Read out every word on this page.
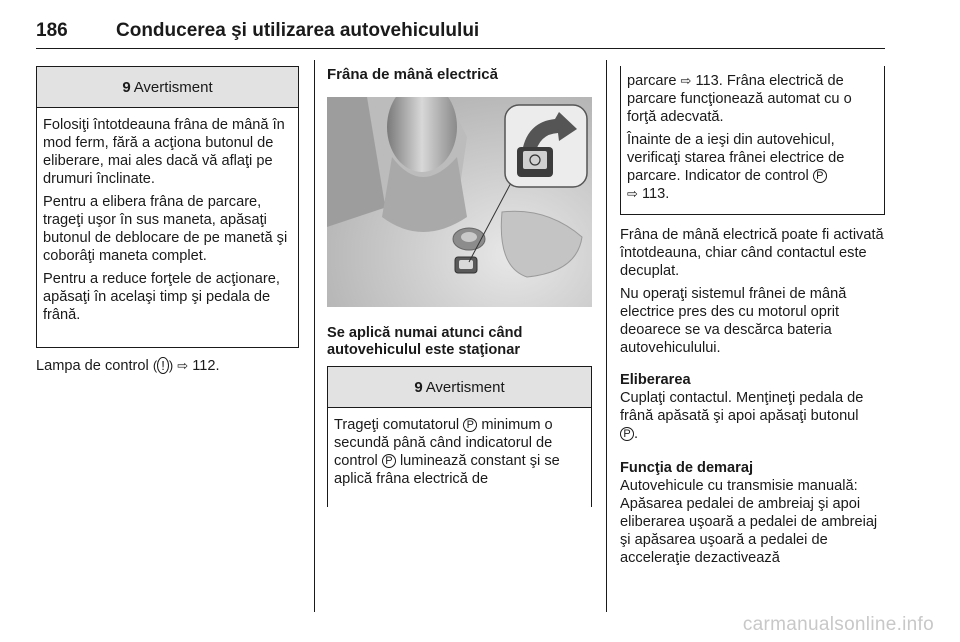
186	Conducerea şi utilizarea autovehiculului
9 Avertisment

Folosiţi întotdeauna frâna de mână în mod ferm, fără a acţiona butonul de eliberare, mai ales dacă vă aflaţi pe drumuri înclinate.

Pentru a elibera frâna de parcare, trageţi uşor în sus maneta, apăsaţi butonul de deblocare de pe manetă şi coborâţi maneta complet.

Pentru a reduce forţele de acţionare, apăsaţi în acelaşi timp şi pedala de frână.

Lampa de control ( ! ) ⇨ 112.
Frâna de mână electrică
Se aplică numai atunci când autovehiculul este staţionar
9 Avertisment

Trageţi comutatorul P minimum o secundă până când indicatorul de control P luminează constant şi se aplică frâna electrică de

parcare ⇨ 113. Frâna electrică de parcare funcţionează automat cu o forţă adecvată.

Înainte de a ieşi din autovehicul, verificaţi starea frânei electrice de parcare. Indicator de control P
⇨ 113.

Frâna de mână electrică poate fi activată întotdeauna, chiar când contactul este decuplat.

Nu operaţi sistemul frânei de mână electrice pres des cu motorul oprit deoarece se va descărca bateria autovehiculului.

Eliberarea

Cuplaţi contactul. Menţineţi pedala de frână apăsată şi apoi apăsaţi butonul
P .

Funcţia de demaraj

Autovehicule cu transmisie manuală: Apăsarea pedalei de ambreiaj şi apoi eliberarea uşoară a pedalei de ambreiaj şi apăsarea uşoară a pedalei de acceleraţie dezactivează

carmanualsonline.info
